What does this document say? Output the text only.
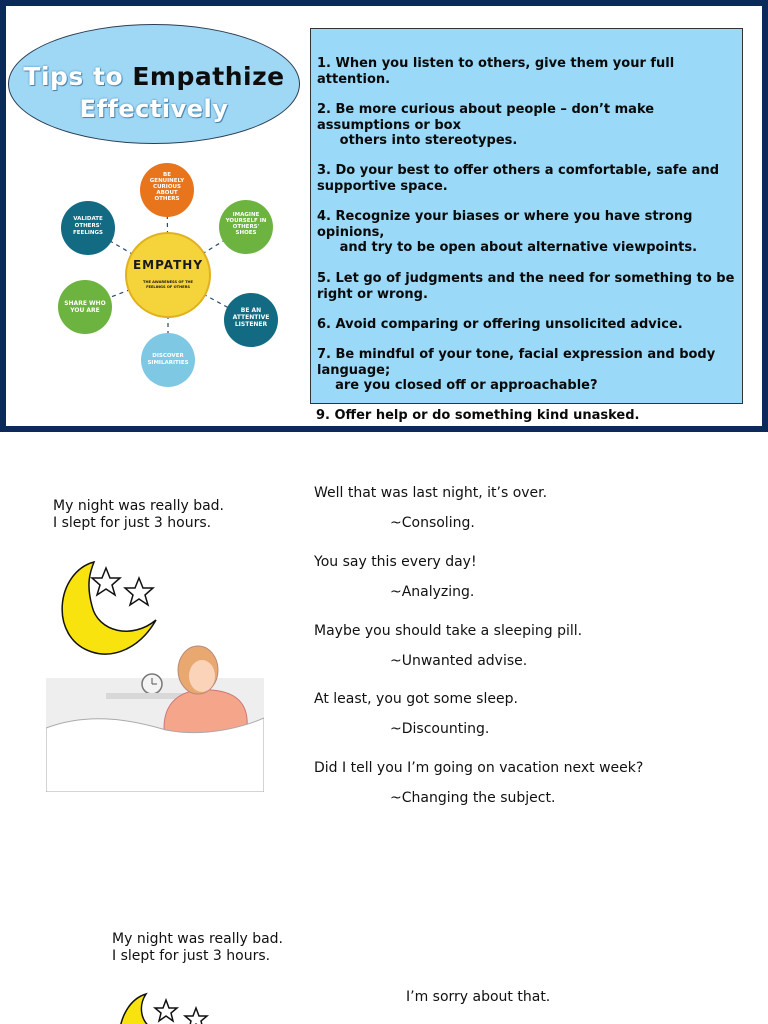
Tips to Empathize
Effectively
BE GENUINELY CURIOUS ABOUT OTHERS
IMAGINE YOURSELF IN OTHERS' SHOES
BE AN ATTENTIVE LISTENER
DISCOVER SIMILARITIES
SHARE WHO YOU ARE
VALIDATE OTHERS' FEELINGS
EMPATHY
THE AWARENESS OF THE FEELINGS OF OTHERS
1. When you listen to others, give them your full attention.
2. Be more curious about people – don’t make assumptions or box
others into stereotypes.
3. Do your best to offer others a comfortable, safe and supportive space.
4. Recognize your biases or where you have strong opinions,
and try to be open about alternative viewpoints.
5. Let go of judgments and the need for something to be right or wrong.
6. Avoid comparing or offering unsolicited advice.
7. Be mindful of your tone, facial expression and body language;
are you closed off or approachable?
9. Offer help or do something kind unasked.
My night was really bad.
I slept for just 3 hours.
Well that was last night, it’s over.
~Consoling.
You say this every day!
~Analyzing.
Maybe you should take a sleeping pill.
~Unwanted advise.
At least, you got some sleep.
~Discounting.
Did I tell you I’m going on vacation next week?
~Changing the subject.
My night was really bad.
I slept for just 3 hours.
I’m sorry about that.
